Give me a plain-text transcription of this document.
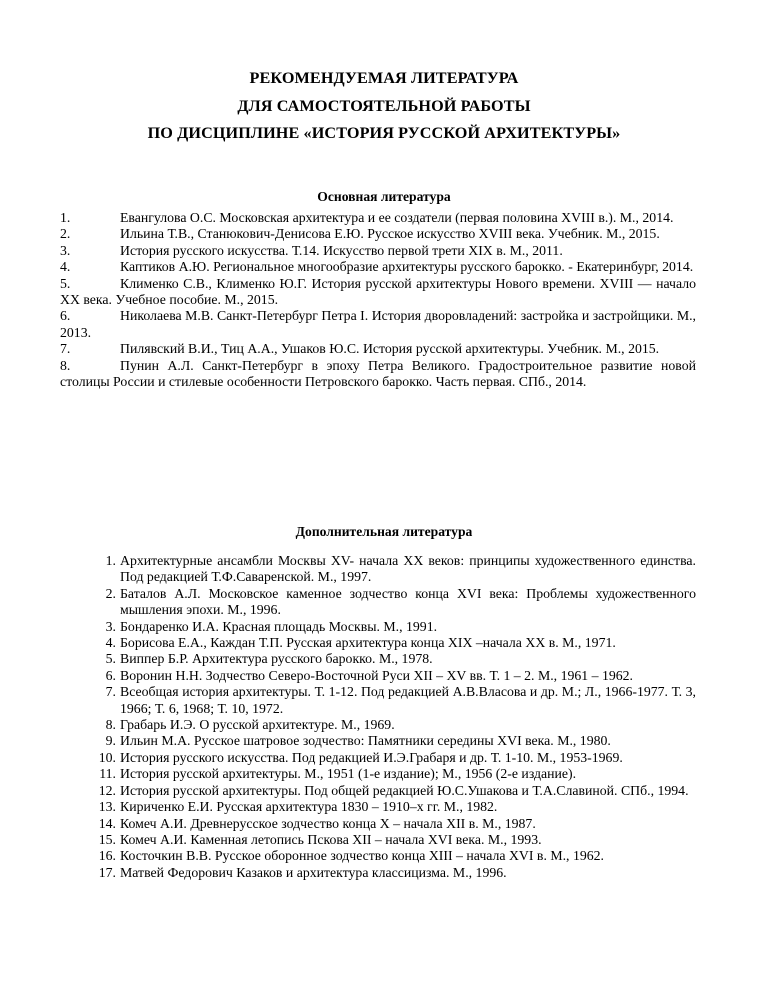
РЕКОМЕНДУЕМАЯ ЛИТЕРАТУРА
ДЛЯ САМОСТОЯТЕЛЬНОЙ РАБОТЫ
ПО ДИСЦИПЛИНЕ «ИСТОРИЯ РУССКОЙ АРХИТЕКТУРЫ»
Основная литература
1.	Евангулова О.С. Московская архитектура и ее создатели (первая половина XVIII в.). М., 2014.
2.	Ильина Т.В., Станюкович-Денисова Е.Ю. Русское искусство XVIII века. Учебник. М., 2015.
3.	История русского искусства. Т.14. Искусство первой трети XIX в. М., 2011.
4.	Каптиков А.Ю. Региональное многообразие архитектуры русского барокко. - Екатеринбург, 2014.
5.	Клименко С.В., Клименко Ю.Г. История русской архитектуры Нового времени. XVIII — начало XX века. Учебное пособие. М., 2015.
6.	Николаева М.В. Санкт-Петербург Петра I. История дворовладений: застройка и застройщики. М., 2013.
7.	Пилявский В.И., Тиц А.А., Ушаков Ю.С. История русской архитектуры. Учебник. М., 2015.
8.	Пунин А.Л. Санкт-Петербург в эпоху Петра Великого. Градостроительное развитие новой столицы России и стилевые особенности Петровского барокко. Часть первая. СПб., 2014.
Дополнительная литература
1. Архитектурные ансамбли Москвы XV- начала XX веков: принципы художественного единства. Под редакцией Т.Ф.Саваренской. М., 1997.
2. Баталов А.Л. Московское каменное зодчество конца XVI века: Проблемы художественного мышления эпохи. М., 1996.
3. Бондаренко И.А. Красная площадь Москвы. М., 1991.
4. Борисова Е.А., Каждан Т.П. Русская архитектура конца XIX –начала XX в. М., 1971.
5. Виппер Б.Р. Архитектура русского барокко. М., 1978.
6. Воронин Н.Н. Зодчество Северо-Восточной Руси XII – XV вв. Т. 1 – 2. М., 1961 – 1962.
7. Всеобщая история архитектуры. Т. 1-12. Под редакцией А.В.Власова и др. М.; Л., 1966-1977. Т. 3, 1966; Т. 6, 1968; Т. 10, 1972.
8. Грабарь И.Э. О русской архитектуре. М., 1969.
9. Ильин М.А. Русское шатровое зодчество: Памятники середины XVI века. М., 1980.
10. История русского искусства. Под редакцией И.Э.Грабаря и др. Т. 1-10. М., 1953-1969.
11. История русской архитектуры. М., 1951 (1-е издание); М., 1956 (2-е издание).
12. История русской архитектуры. Под общей редакцией Ю.С.Ушакова и Т.А.Славиной. СПб., 1994.
13. Кириченко Е.И. Русская архитектура 1830 – 1910–х гг. М., 1982.
14. Комеч А.И. Древнерусское зодчество конца X – начала XII в. М., 1987.
15. Комеч А.И. Каменная летопись Пскова XII – начала XVI века. М., 1993.
16. Косточкин В.В. Русское оборонное зодчество конца XIII – начала XVI в. М., 1962.
17. Матвей Федорович Казаков и архитектура классицизма. М., 1996.
